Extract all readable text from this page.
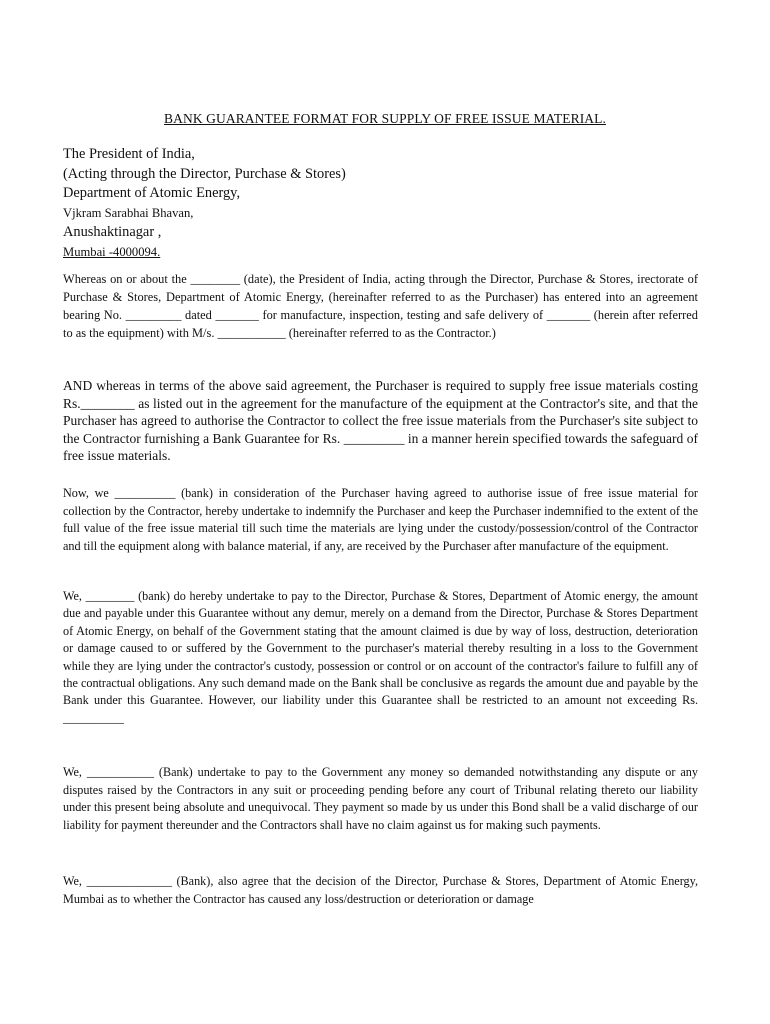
BANK GUARANTEE FORMAT FOR SUPPLY OF FREE ISSUE MATERIAL.
The President of India,
(Acting through the Director, Purchase & Stores)
Department of Atomic Energy,
Vjkram Sarabhai Bhavan,
Anushaktinagar ,
Mumbai -4000094.

Whereas on or about the ________ (date), the President of India, acting through the Director, Purchase & Stores, irectorate of Purchase & Stores, Department of Atomic Energy, (hereinafter referred to as the Purchaser) has entered into an agreement bearing No. _________ dated _______ for manufacture, inspection, testing and safe delivery of _______ (herein after referred to as the equipment) with M/s. ___________ (hereinafter referred to as the Contractor.)

AND whereas in terms of the above said agreement, the Purchaser is required to supply free issue materials costing Rs.________ as listed out in the agreement for the manufacture of the equipment at the Contractor's site, and that the Purchaser has agreed to authorise the Contractor to collect the free issue materials from the Purchaser's site subject to the Contractor furnishing a Bank Guarantee for Rs. _________ in a manner herein specified towards the safeguard of free issue materials.

Now, we __________ (bank) in consideration of the Purchaser having agreed to authorise issue of free issue material for collection by the Contractor, hereby undertake to indemnify the Purchaser and keep the Purchaser indemnified to the extent of the full value of the free issue material till such time the materials are lying under the custody/possession/control of the Contractor and till the equipment along with balance material, if any, are received by the Purchaser after manufacture of the equipment.

We, ________ (bank) do hereby undertake to pay to the Director, Purchase & Stores, Department of Atomic energy, the amount due and payable under this Guarantee without any demur, merely on a demand from the Director, Purchase & Stores Department of Atomic Energy, on behalf of the Government stating that the amount claimed is due by way of loss, destruction, deterioration or damage caused to or suffered by the Government to the purchaser's material thereby resulting in a loss to the Government while they are lying under the contractor's custody, possession or control or on account of the contractor's failure to fulfill any of the contractual obligations. Any such demand made on the Bank shall be conclusive as regards the amount due and payable by the Bank under this Guarantee. However, our liability under this Guarantee shall be restricted to an amount not exceeding Rs. __________

We, ___________ (Bank) undertake to pay to the Government any money so demanded notwithstanding any dispute or any disputes raised by the Contractors in any suit or proceeding pending before any court of Tribunal relating thereto our liability under this present being absolute and unequivocal. They payment so made by us under this Bond shall be a valid discharge of our liability for payment thereunder and the Contractors shall have no claim against us for making such payments.

We, ______________ (Bank), also agree that the decision of the Director, Purchase & Stores, Department of Atomic Energy, Mumbai as to whether the Contractor has caused any loss/destruction or deterioration or damage
